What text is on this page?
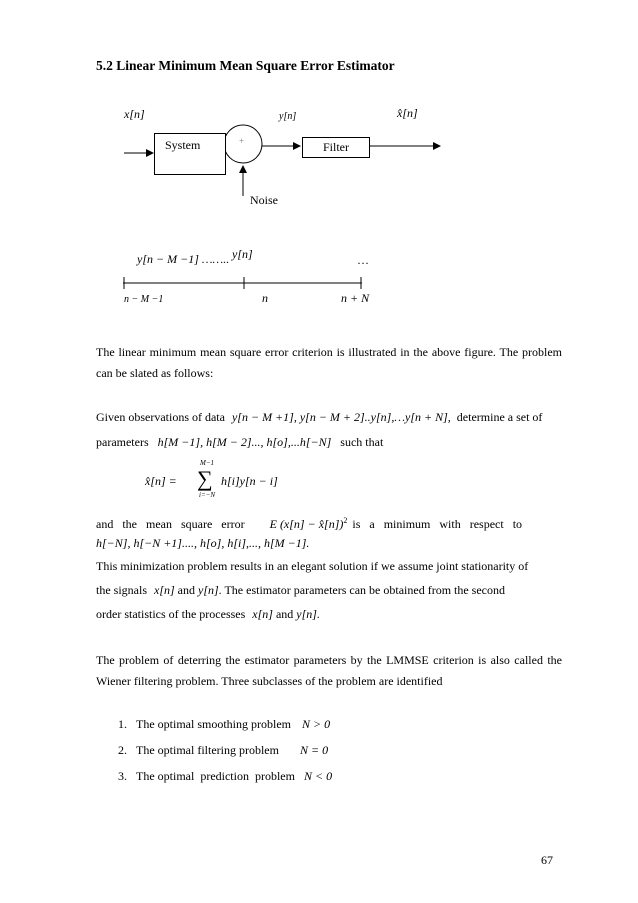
5.2 Linear Minimum Mean Square Error Estimator
x[n]
System	+
y[n]
Filter
x̂[n]
Noise
y[n − M −1] …….. y[n]	…
n − M −1	n	n + N
The linear minimum mean square error criterion is illustrated in the above figure. The problem can be slated as follows:
Given observations of data y[n − M +1], y[n − M + 2]..y[n],…y[n + N], determine a set of
parameters h[M −1], h[M − 2]..., h[o],...h[−N] such that
x̂[n] =
M−1
∑
i=−N
h[i]y[n − i]
and   the   mean   square   error E (x[n] − x̂[n])$^2$ is   a   minimum   with   respect   to
h[−N], h[−N +1]...., h[o], h[i],..., h[M −1].
This minimization problem results in an elegant solution if we assume joint stationarity of
the signals x[n] and y[n]. The estimator parameters can be obtained from the second
order statistics of the processes x[n] and y[n].
The problem of deterring the estimator parameters by the LMMSE criterion is also called the Wiener filtering problem. Three subclasses of the problem are identified
1. The optimal smoothing problem N > 0
2. The optimal filtering problem N = 0
3. The optimal  prediction  problem N < 0
67
